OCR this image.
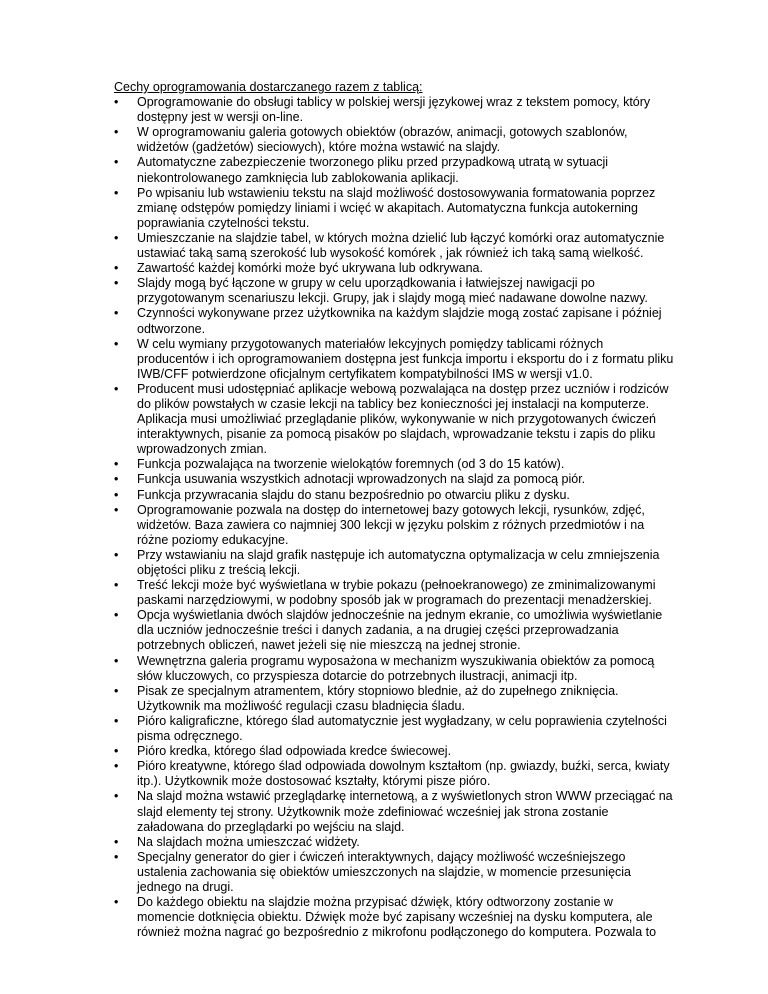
Cechy oprogramowania dostarczanego razem z tablicą:

• Oprogramowanie do obsługi tablicy w polskiej wersji językowej wraz z tekstem pomocy, który dostępny jest w wersji on-line.
• W oprogramowaniu galeria gotowych obiektów (obrazów, animacji, gotowych szablonów, widżetów (gadżetów) sieciowych), które można wstawić na slajdy.
• Automatyczne zabezpieczenie tworzonego pliku przed przypadkową utratą w sytuacji niekontrolowanego zamknięcia lub zablokowania aplikacji.
• Po wpisaniu lub wstawieniu tekstu na slajd możliwość dostosowywania formatowania poprzez zmianę odstępów pomiędzy liniami i wcięć w akapitach. Automatyczna funkcja autokerning poprawiania czytelności tekstu.
• Umieszczanie na slajdzie tabel, w których można dzielić lub łączyć komórki oraz automatycznie ustawiać taką samą szerokość lub wysokość komórek , jak również ich taką samą wielkość.
• Zawartość każdej komórki może być ukrywana lub odkrywana.
• Slajdy mogą być łączone w grupy w celu uporządkowania i łatwiejszej nawigacji po przygotowanym scenariuszu lekcji. Grupy, jak i slajdy mogą mieć nadawane dowolne nazwy.
• Czynności wykonywane przez użytkownika na każdym slajdzie mogą zostać zapisane i później odtworzone.
• W celu wymiany przygotowanych materiałów lekcyjnych pomiędzy tablicami różnych producentów i ich oprogramowaniem dostępna jest funkcja importu i eksportu do i z formatu pliku IWB/CFF potwierdzone oficjalnym certyfikatem kompatybilności IMS w wersji v1.0.
• Producent musi udostępniać aplikacje webową pozwalająca na dostęp przez uczniów i rodziców do plików powstałych w czasie lekcji na tablicy bez konieczności jej instalacji na komputerze. Aplikacja musi umożliwiać przeglądanie plików, wykonywanie w nich przygotowanych ćwiczeń interaktywnych, pisanie za pomocą pisaków po slajdach, wprowadzanie tekstu i zapis do pliku wprowadzonych zmian.
• Funkcja pozwalająca na tworzenie wielokątów foremnych (od 3 do 15 katów).
• Funkcja usuwania wszystkich adnotacji wprowadzonych na slajd za pomocą piór.
• Funkcja przywracania slajdu do stanu bezpośrednio po otwarciu pliku z dysku.
• Oprogramowanie pozwala na dostęp do internetowej bazy gotowych lekcji, rysunków, zdjęć, widżetów. Baza zawiera co najmniej 300 lekcji w języku polskim z różnych przedmiotów i na różne poziomy edukacyjne.
• Przy wstawianiu na slajd grafik następuje ich automatyczna optymalizacja w celu zmniejszenia objętości pliku z treścią lekcji.
• Treść lekcji może być wyświetlana w trybie pokazu (pełnoekranowego) ze zminimalizowanymi paskami narzędziowymi, w podobny sposób jak w programach do prezentacji menadżerskiej.
• Opcja wyświetlania dwóch slajdów jednocześnie na jednym ekranie, co umożliwia wyświetlanie dla uczniów jednocześnie treści i danych zadania, a na drugiej części przeprowadzania potrzebnych obliczeń, nawet jeżeli się nie mieszczą na jednej stronie.
• Wewnętrzna galeria programu wyposażona w mechanizm wyszukiwania obiektów za pomocą słów kluczowych, co przyspiesza dotarcie do potrzebnych ilustracji, animacji itp.
• Pisak ze specjalnym atramentem, który stopniowo blednie, aż do zupełnego zniknięcia. Użytkownik ma możliwość regulacji czasu bladnięcia śladu.
• Pióro kaligraficzne, którego ślad automatycznie jest wygładzany, w celu poprawienia czytelności pisma odręcznego.
• Pióro kredka, którego ślad odpowiada kredce świecowej.
• Pióro kreatywne, którego ślad odpowiada dowolnym kształtom (np. gwiazdy, buźki, serca, kwiaty itp.). Użytkownik może dostosować kształty, którymi pisze pióro.
• Na slajd można wstawić przeglądarkę internetową, a z wyświetlonych stron WWW przeciągać na slajd elementy tej strony. Użytkownik może zdefiniować wcześniej jak strona zostanie załadowana do przeglądarki po wejściu na slajd.
• Na slajdach można umieszczać widżety.
• Specjalny generator do gier i ćwiczeń interaktywnych, dający możliwość wcześniejszego ustalenia zachowania się obiektów umieszczonych na slajdzie, w momencie przesunięcia jednego na drugi.
• Do każdego obiektu na slajdzie można przypisać dźwięk, który odtworzony zostanie w momencie dotknięcia obiektu. Dźwięk może być zapisany wcześniej na dysku komputera, ale również można nagrać go bezpośrednio z mikrofonu podłączonego do komputera. Pozwala to
